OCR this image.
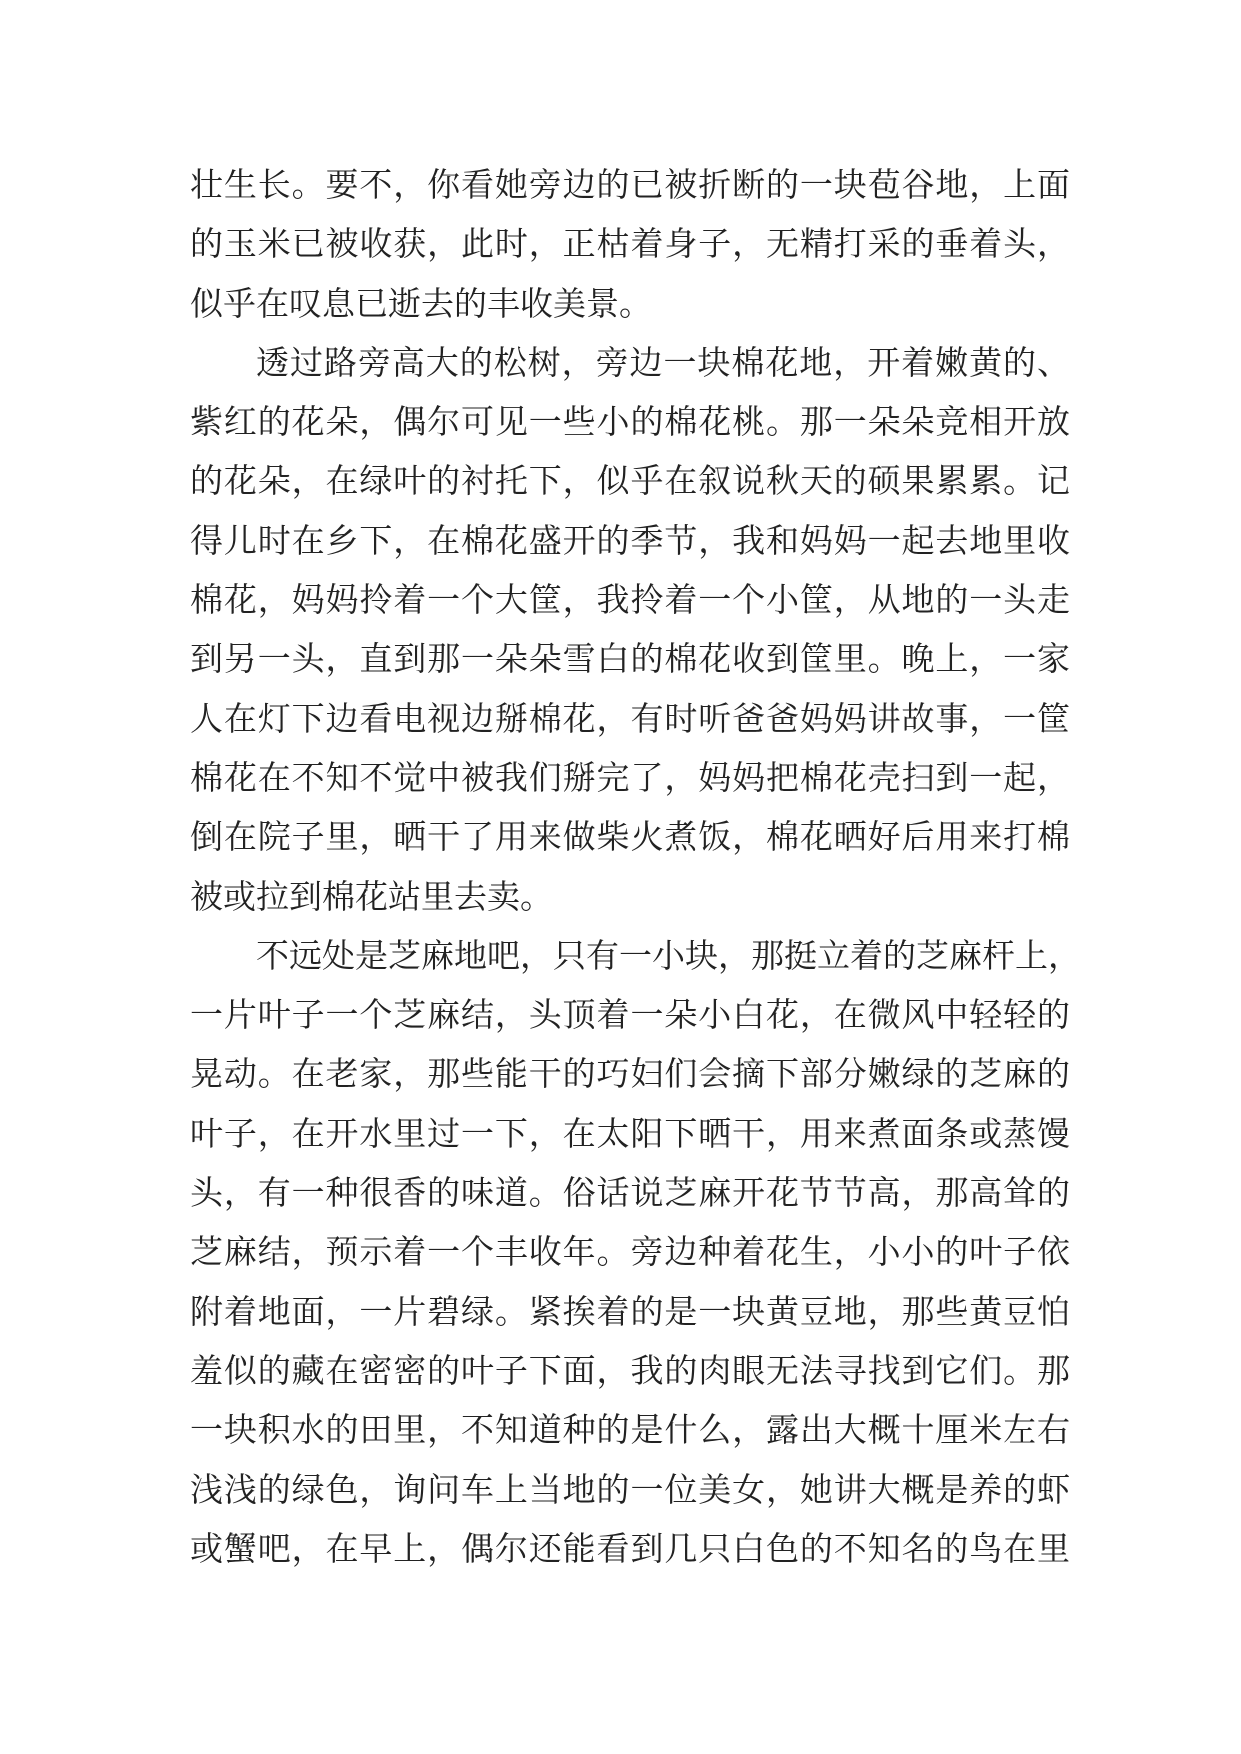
壮生长。要不，你看她旁边的已被折断的一块苞谷地，上面
的玉米已被收获，此时，正枯着身子，无精打采的垂着头，
似乎在叹息已逝去的丰收美景。
透过路旁高大的松树，旁边一块棉花地，开着嫩黄的、
紫红的花朵，偶尔可见一些小的棉花桃。那一朵朵竞相开放
的花朵，在绿叶的衬托下，似乎在叙说秋天的硕果累累。记
得儿时在乡下，在棉花盛开的季节，我和妈妈一起去地里收
棉花，妈妈拎着一个大筐，我拎着一个小筐，从地的一头走
到另一头，直到那一朵朵雪白的棉花收到筐里。晚上，一家
人在灯下边看电视边掰棉花，有时听爸爸妈妈讲故事，一筐
棉花在不知不觉中被我们掰完了，妈妈把棉花壳扫到一起，
倒在院子里，晒干了用来做柴火煮饭，棉花晒好后用来打棉
被或拉到棉花站里去卖。
不远处是芝麻地吧，只有一小块，那挺立着的芝麻杆上，
一片叶子一个芝麻结，头顶着一朵小白花，在微风中轻轻的
晃动。在老家，那些能干的巧妇们会摘下部分嫩绿的芝麻的
叶子，在开水里过一下，在太阳下晒干，用来煮面条或蒸馒
头，有一种很香的味道。俗话说芝麻开花节节高，那高耸的
芝麻结，预示着一个丰收年。旁边种着花生，小小的叶子依
附着地面，一片碧绿。紧挨着的是一块黄豆地，那些黄豆怕
羞似的藏在密密的叶子下面，我的肉眼无法寻找到它们。那
一块积水的田里，不知道种的是什么，露出大概十厘米左右
浅浅的绿色，询问车上当地的一位美女，她讲大概是养的虾
或蟹吧，在早上，偶尔还能看到几只白色的不知名的鸟在里
